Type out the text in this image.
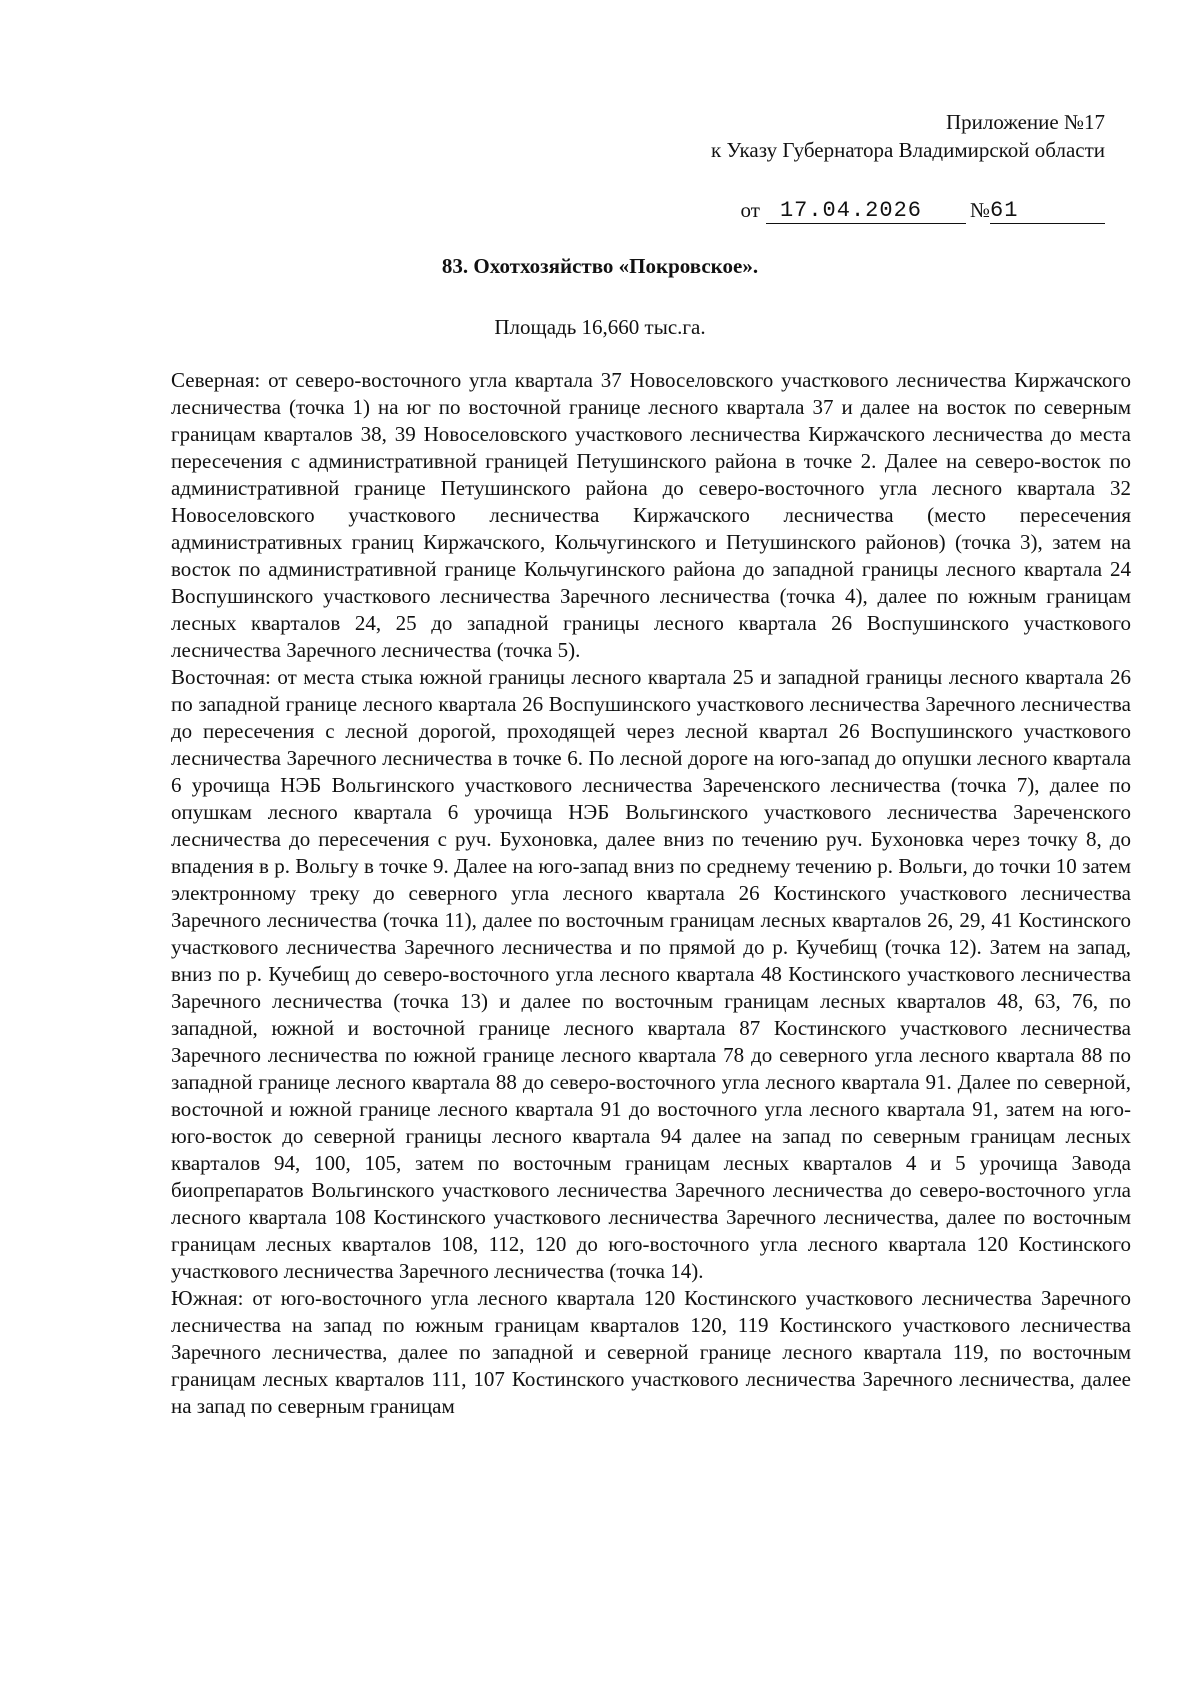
Приложение №17
к Указу Губернатора Владимирской области
от 17.04.2026	№ 61
83. Охотхозяйство «Покровское».
Площадь 16,660 тыс.га.

Северная: от северо-восточного угла квартала 37 Новоселовского участкового лесничества Киржачского лесничества (точка 1) на юг по восточной границе лесного квартала 37 и далее на восток по северным границам кварталов 38, 39 Новоселовского участкового лесничества Киржачского лесничества до места пересечения с административной границей Петушинского района в точке 2. Далее на северо-восток по административной границе Петушинского района до северо-восточного угла лесного квартала 32 Новоселовского участкового лесничества Киржачского лесничества (место пересечения административных границ Киржачского, Кольчугинского и Петушинского районов) (точка 3), затем на восток по административной границе Кольчугинского района до западной границы лесного квартала 24 Воспушинского участкового лесничества Заречного лесничества (точка 4), далее по южным границам лесных кварталов 24, 25 до западной границы лесного квартала 26 Воспушинского участкового лесничества Заречного лесничества (точка 5).

Восточная: от места стыка южной границы лесного квартала 25 и западной границы лесного квартала 26 по западной границе лесного квартала 26 Воспушинского участкового лесничества Заречного лесничества до пересечения с лесной дорогой, проходящей через лесной квартал 26 Воспушинского участкового лесничества Заречного лесничества в точке 6. По лесной дороге на юго-запад до опушки лесного квартала 6 урочища НЭБ Вольгинского участкового лесничества Зареченского лесничества (точка 7), далее по опушкам лесного квартала 6 урочища НЭБ Вольгинского участкового лесничества Зареченского лесничества до пересечения с руч. Бухоновка, далее вниз по течению руч. Бухоновка через точку 8, до впадения в р. Вольгу в точке 9. Далее на юго-запад вниз по среднему течению р. Вольги, до точки 10 затем электронному треку до северного угла лесного квартала 26 Костинского участкового лесничества Заречного лесничества (точка 11), далее по восточным границам лесных кварталов 26, 29, 41 Костинского участкового лесничества Заречного лесничества и по прямой до р. Кучебищ (точка 12). Затем на запад, вниз по р. Кучебищ до северо-восточного угла лесного квартала 48 Костинского участкового лесничества Заречного лесничества (точка 13) и далее по восточным границам лесных кварталов 48, 63, 76, по западной, южной и восточной границе лесного квартала 87 Костинского участкового лесничества Заречного лесничества по южной границе лесного квартала 78 до северного угла лесного квартала 88 по западной границе лесного квартала 88 до северо-восточного угла лесного квартала 91. Далее по северной, восточной и южной границе лесного квартала 91 до восточного угла лесного квартала 91, затем на юго-юго-восток до северной границы лесного квартала 94 далее на запад по северным границам лесных кварталов 94, 100, 105, затем по восточным границам лесных кварталов 4 и 5 урочища Завода биопрепаратов Вольгинского участкового лесничества Заречного лесничества до северо-восточного угла лесного квартала 108 Костинского участкового лесничества Заречного лесничества, далее по восточным границам лесных кварталов 108, 112, 120 до юго-восточного угла лесного квартала 120 Костинского участкового лесничества Заречного лесничества (точка 14).

Южная: от юго-восточного угла лесного квартала 120 Костинского участкового лесничества Заречного лесничества на запад по южным границам кварталов 120, 119 Костинского участкового лесничества Заречного лесничества, далее по западной и северной границе лесного квартала 119, по восточным границам лесных кварталов 111, 107 Костинского участкового лесничества Заречного лесничества, далее на запад по северным границам
